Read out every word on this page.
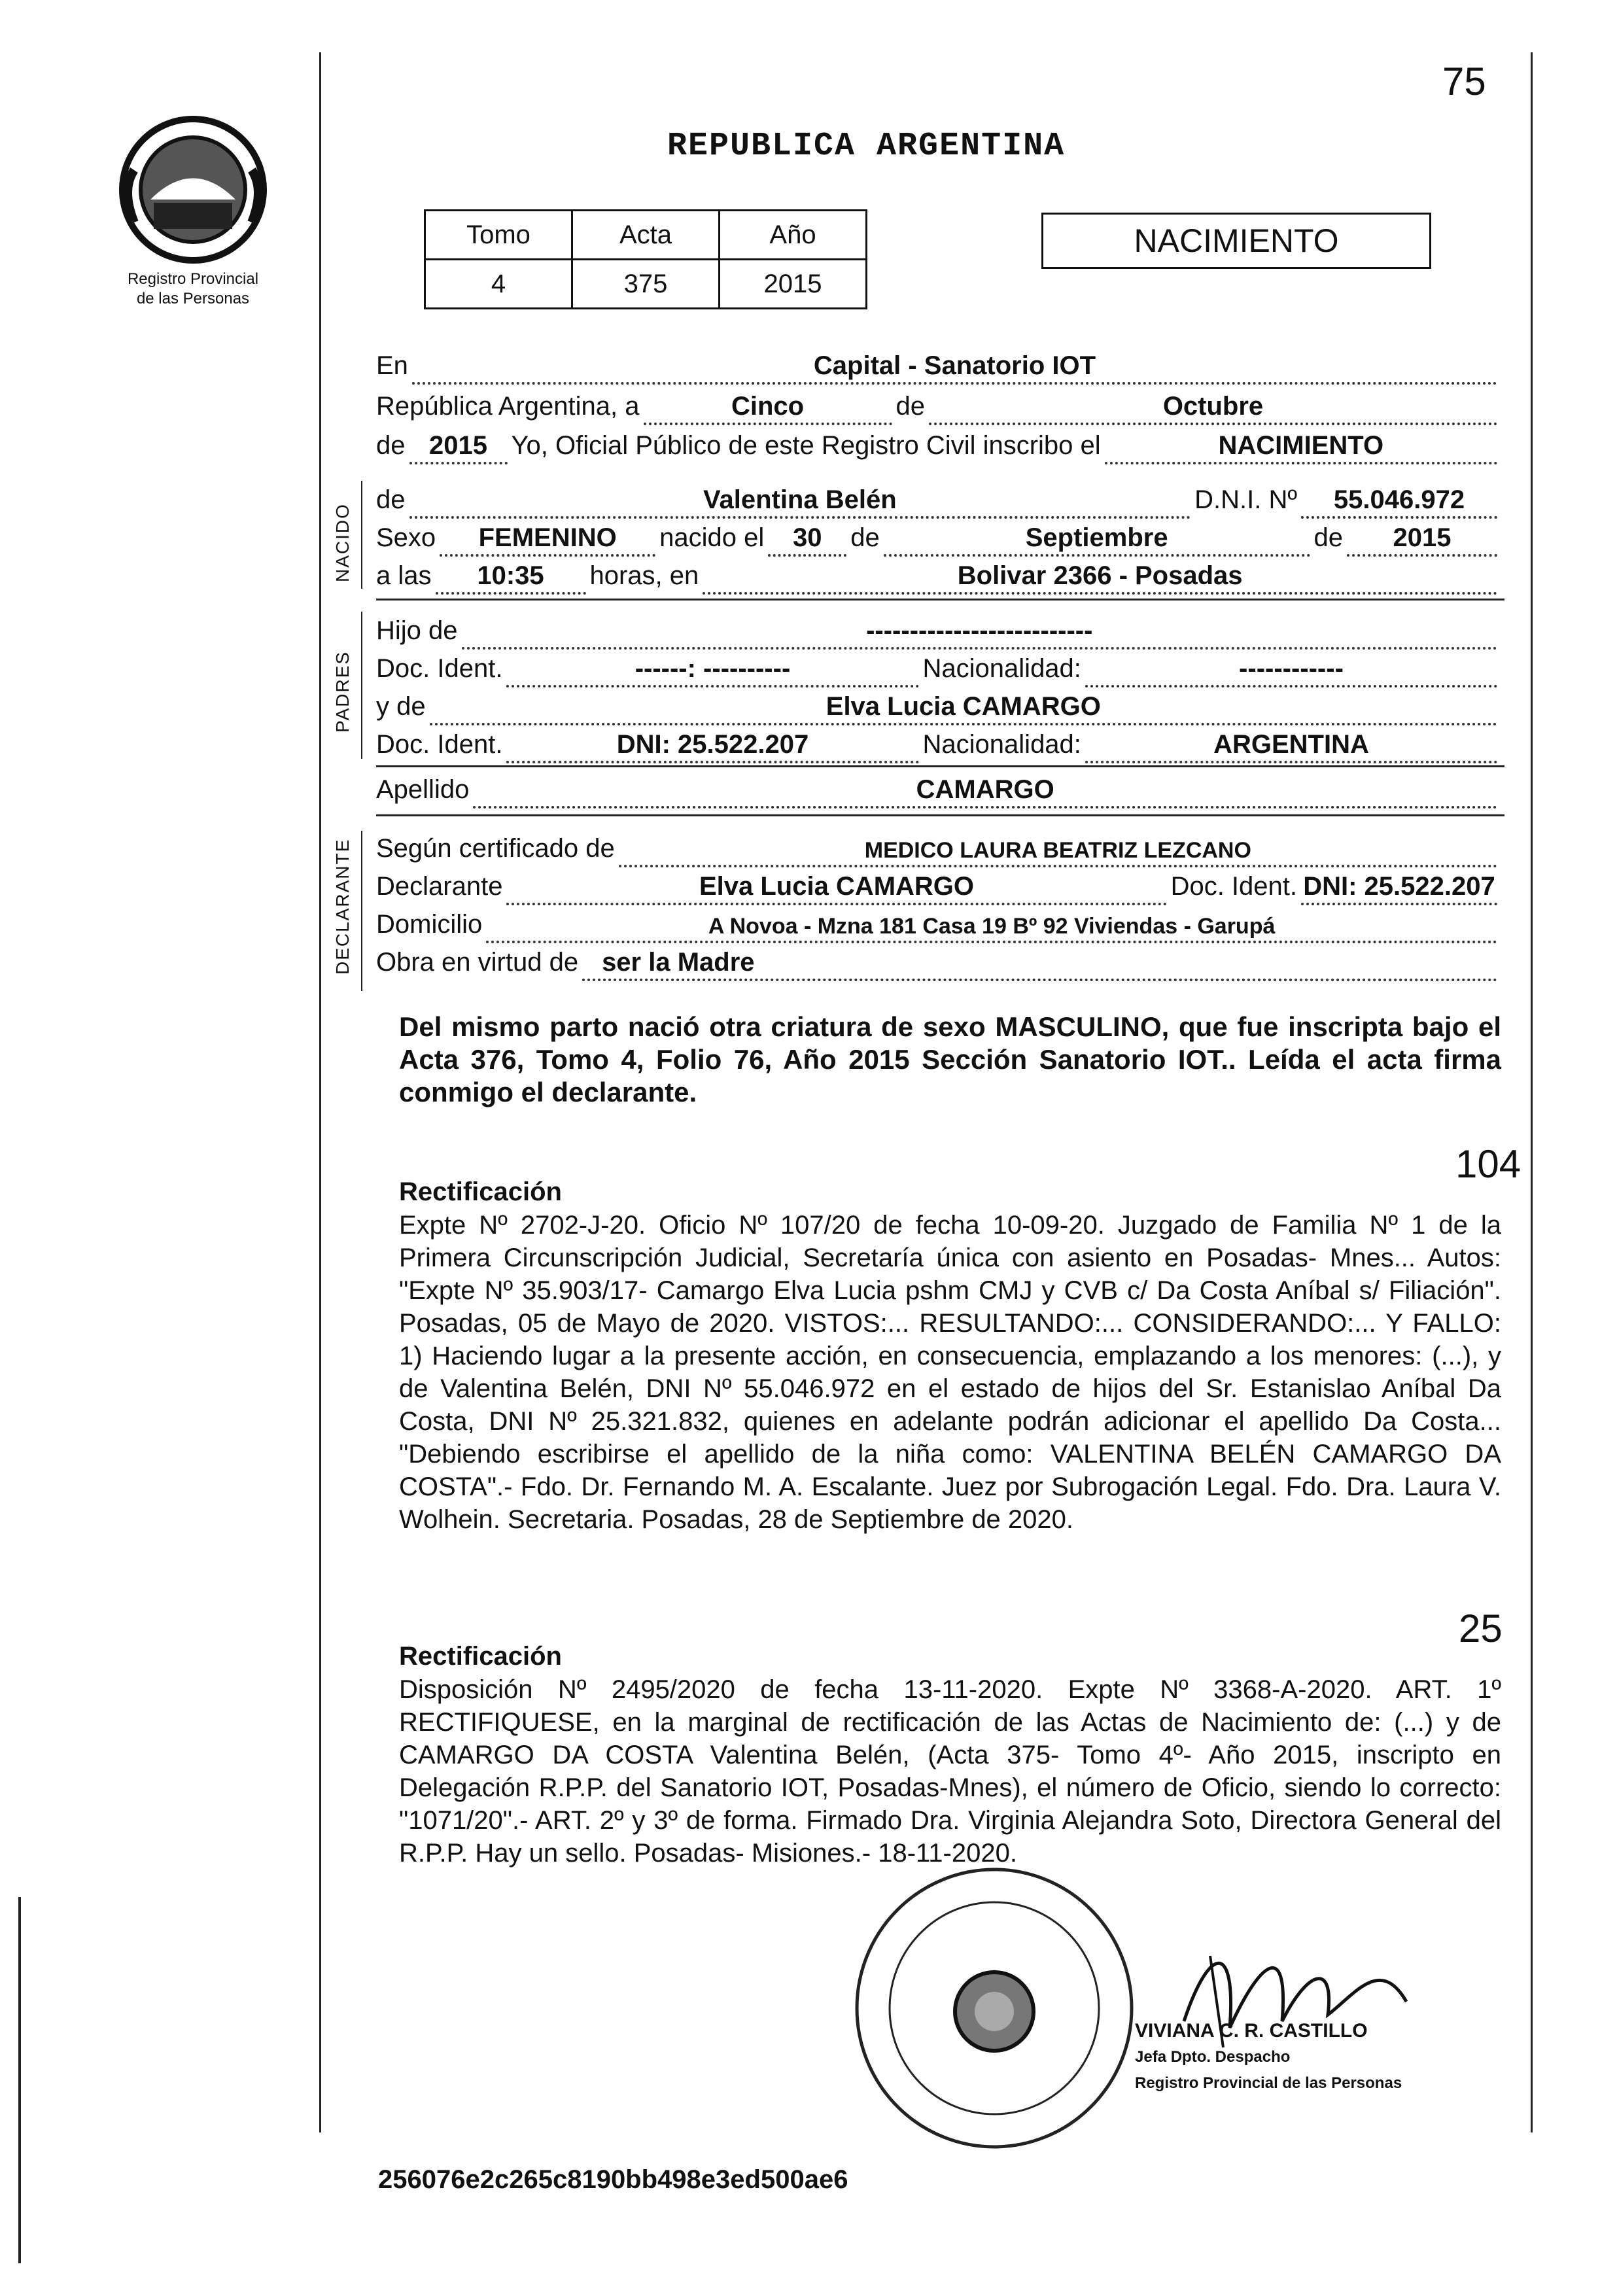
75
Registro Provincial
de las Personas
REPUBLICA ARGENTINA
Tomo	Acta	Año
4	375	2015
NACIMIENTO
NACIDO
PADRES
DECLARANTE
En	Capital - Sanatorio IOT
República Argentina, a	Cinco	de	Octubre
de 2015 Yo, Oficial Público de este Registro Civil inscribo el	NACIMIENTO
de	Valentina Belén	D.N.I. Nº	55.046.972
Sexo	FEMENINO	nacido el	30	de	Septiembre	de	2015
a las	10:35	horas, en	Bolivar 2366 - Posadas
Hijo de	--------------------------
Doc. Ident.	------: ----------	Nacionalidad:	------------
y de	Elva Lucia CAMARGO
Doc. Ident.	DNI: 25.522.207	Nacionalidad:	ARGENTINA
Apellido	CAMARGO
Según certificado de	MEDICO LAURA BEATRIZ LEZCANO
Declarante	Elva Lucia CAMARGO	Doc. Ident. DNI: 25.522.207
Domicilio	A Novoa - Mzna 181 Casa 19 Bº 92 Viviendas - Garupá
Obra en virtud de ser la Madre
Del mismo parto nació otra criatura de sexo MASCULINO, que fue inscripta bajo el Acta 376, Tomo 4, Folio 76, Año 2015 Sección Sanatorio IOT.. Leída el acta firma conmigo el declarante.
104
Rectificación
Expte Nº 2702-J-20. Oficio Nº 107/20 de fecha 10-09-20. Juzgado de Familia Nº 1 de la Primera Circunscripción Judicial, Secretaría única con asiento en Posadas- Mnes... Autos: "Expte Nº 35.903/17- Camargo Elva Lucia pshm CMJ y CVB c/ Da Costa Aníbal s/ Filiación". Posadas, 05 de Mayo de 2020. VISTOS:... RESULTANDO:... CONSIDERANDO:... Y FALLO: 1) Haciendo lugar a la presente acción, en consecuencia, emplazando a los menores: (...), y de Valentina Belén, DNI Nº 55.046.972 en el estado de hijos del Sr. Estanislao Aníbal Da Costa, DNI Nº 25.321.832, quienes en adelante podrán adicionar el apellido Da Costa... "Debiendo escribirse el apellido de la niña como: VALENTINA BELÉN CAMARGO DA COSTA".- Fdo. Dr. Fernando M. A. Escalante. Juez por Subrogación Legal. Fdo. Dra. Laura V. Wolhein. Secretaria. Posadas, 28 de Septiembre de 2020.
25
Rectificación
Disposición Nº 2495/2020 de fecha 13-11-2020. Expte Nº 3368-A-2020. ART. 1º RECTIFIQUESE, en la marginal de rectificación de las Actas de Nacimiento de: (...) y de CAMARGO DA COSTA Valentina Belén, (Acta 375- Tomo 4º- Año 2015, inscripto en Delegación R.P.P. del Sanatorio IOT, Posadas-Mnes), el número de Oficio, siendo lo correcto: "1071/20".- ART. 2º y 3º de forma. Firmado Dra. Virginia Alejandra Soto, Directora General del R.P.P. Hay un sello. Posadas- Misiones.- 18-11-2020.
VIVIANA C. R. CASTILLO
Jefa Dpto. Despacho
Registro Provincial de las Personas
256076e2c265c8190bb498e3ed500ae6
